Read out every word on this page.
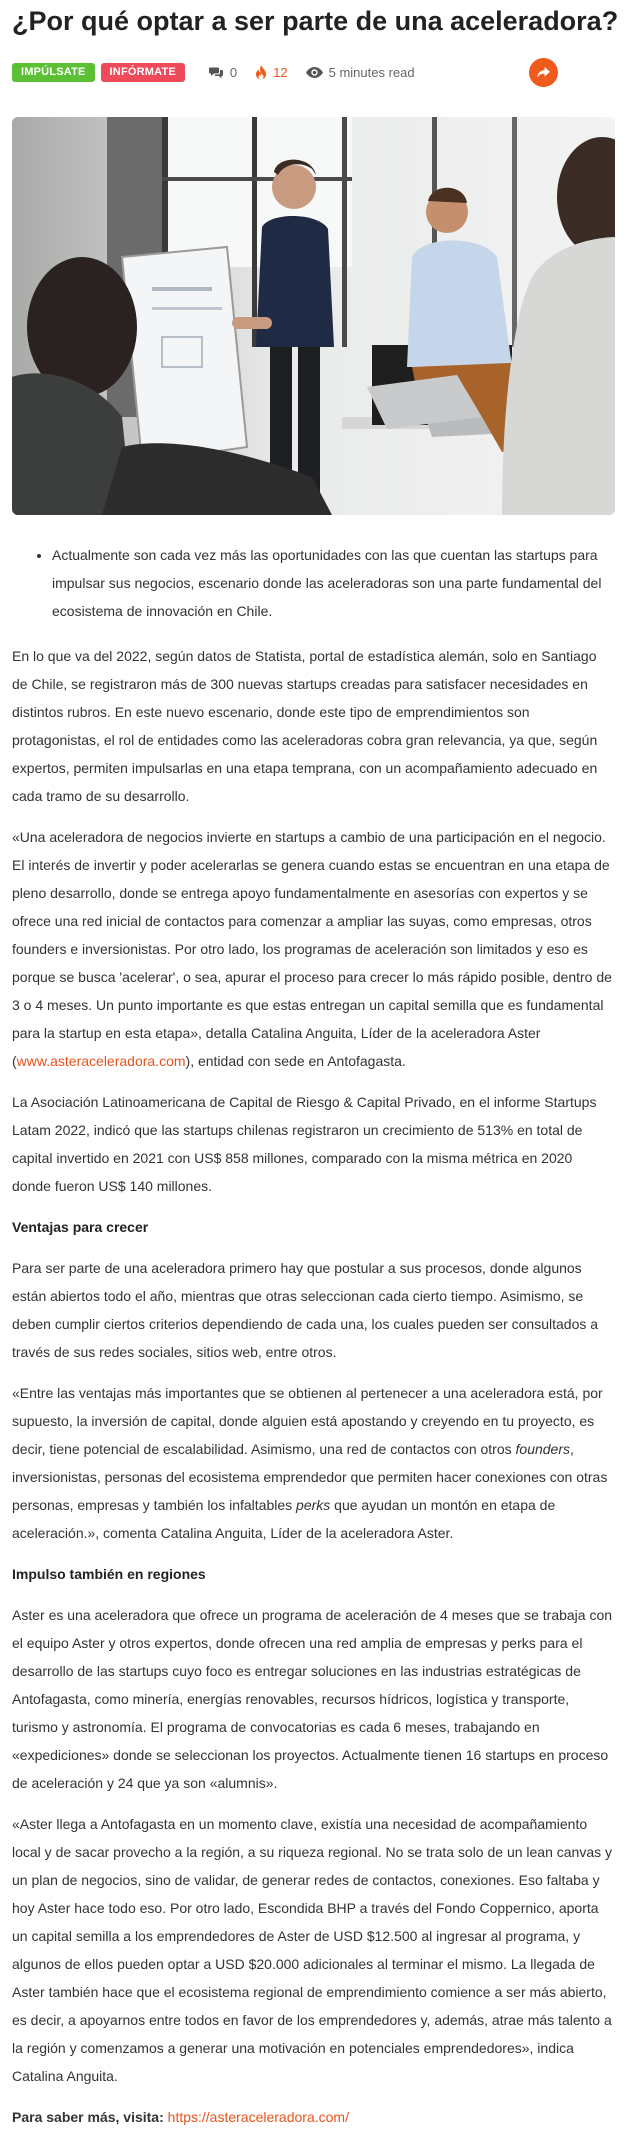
¿Por qué optar a ser parte de una aceleradora?
IMPÚLSATE	INFÓRMATE	0	12	5 minutes read
• Actualmente son cada vez más las oportunidades con las que cuentan las startups para impulsar sus negocios, escenario donde las aceleradoras son una parte fundamental del ecosistema de innovación en Chile.

En lo que va del 2022, según datos de Statista, portal de estadística alemán, solo en Santiago de Chile, se registraron más de 300 nuevas startups creadas para satisfacer necesidades en distintos rubros. En este nuevo escenario, donde este tipo de emprendimientos son protagonistas, el rol de entidades como las aceleradoras cobra gran relevancia, ya que, según expertos, permiten impulsarlas en una etapa temprana, con un acompañamiento adecuado en cada tramo de su desarrollo.

«Una aceleradora de negocios invierte en startups a cambio de una participación en el negocio. El interés de invertir y poder acelerarlas se genera cuando estas se encuentran en una etapa de pleno desarrollo, donde se entrega apoyo fundamentalmente en asesorías con expertos y se ofrece una red inicial de contactos para comenzar a ampliar las suyas, como empresas, otros founders e inversionistas. Por otro lado, los programas de aceleración son limitados y eso es porque se busca 'acelerar', o sea, apurar el proceso para crecer lo más rápido posible, dentro de 3 o 4 meses. Un punto importante es que estas entregan un capital semilla que es fundamental para la startup en esta etapa», detalla Catalina Anguita, Líder de la aceleradora Aster (www.asteraceleradora.com), entidad con sede en Antofagasta.

La Asociación Latinoamericana de Capital de Riesgo & Capital Privado, en el informe Startups Latam 2022, indicó que las startups chilenas registraron un crecimiento de 513% en total de capital invertido en 2021 con US$ 858 millones, comparado con la misma métrica en 2020 donde fueron US$ 140 millones.

Ventajas para crecer

Para ser parte de una aceleradora primero hay que postular a sus procesos, donde algunos están abiertos todo el año, mientras que otras seleccionan cada cierto tiempo. Asimismo, se deben cumplir ciertos criterios dependiendo de cada una, los cuales pueden ser consultados a través de sus redes sociales, sitios web, entre otros.

«Entre las ventajas más importantes que se obtienen al pertenecer a una aceleradora está, por supuesto, la inversión de capital, donde alguien está apostando y creyendo en tu proyecto, es decir, tiene potencial de escalabilidad. Asimismo, una red de contactos con otros founders, inversionistas, personas del ecosistema emprendedor que permiten hacer conexiones con otras personas, empresas y también los infaltables perks que ayudan un montón en etapa de aceleración.», comenta Catalina Anguita, Líder de la aceleradora Aster.

Impulso también en regiones

Aster es una aceleradora que ofrece un programa de aceleración de 4 meses que se trabaja con el equipo Aster y otros expertos, donde ofrecen una red amplia de empresas y perks para el desarrollo de las startups cuyo foco es entregar soluciones en las industrias estratégicas de Antofagasta, como minería, energías renovables, recursos hídricos, logística y transporte, turismo y astronomía. El programa de convocatorias es cada 6 meses, trabajando en «expediciones» donde se seleccionan los proyectos. Actualmente tienen 16 startups en proceso de aceleración y 24 que ya son «alumnis».

«Aster llega a Antofagasta en un momento clave, existía una necesidad de acompañamiento local y de sacar provecho a la región, a su riqueza regional. No se trata solo de un lean canvas y un plan de negocios, sino de validar, de generar redes de contactos, conexiones. Eso faltaba y hoy Aster hace todo eso. Por otro lado, Escondida BHP a través del Fondo Coppernico, aporta un capital semilla a los emprendedores de Aster de USD $12.500 al ingresar al programa, y algunos de ellos pueden optar a USD $20.000 adicionales al terminar el mismo. La llegada de Aster también hace que el ecosistema regional de emprendimiento comience a ser más abierto, es decir, a apoyarnos entre todos en favor de los emprendedores y, además, atrae más talento a la región y comenzamos a generar una motivación en potenciales emprendedores», indica Catalina Anguita.

Para saber más, visita: https://asteraceleradora.com/
